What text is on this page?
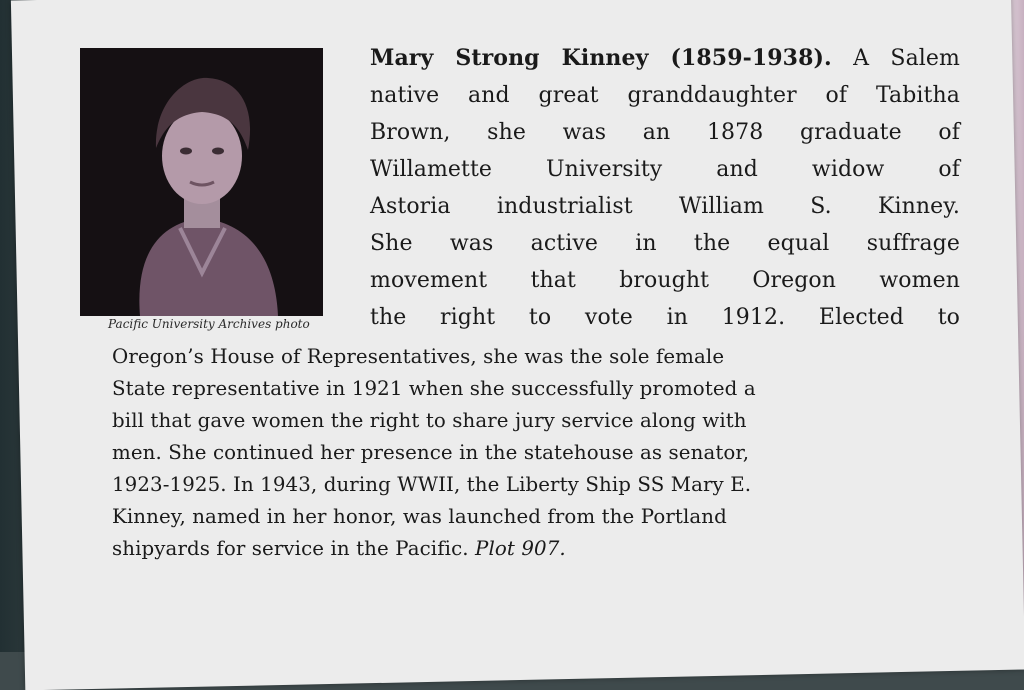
Pacific University Archives photo
Mary Strong Kinney (1859-1938). A Salem
native and great granddaughter of Tabitha
Brown, she was an 1878 graduate of
Willamette University and widow of
Astoria industrialist William S. Kinney.
She was active in the equal suffrage
movement that brought Oregon women
the right to vote in 1912. Elected to
Oregon’s House of Representatives, she was the sole female
State representative in 1921 when she successfully promoted a
bill that gave women the right to share jury service along with
men. She continued her presence in the statehouse as senator,
1923-1925. In 1943, during WWII, the Liberty Ship SS Mary E.
Kinney, named in her honor, was launched from the Portland
shipyards for service in the Pacific. Plot 907.
